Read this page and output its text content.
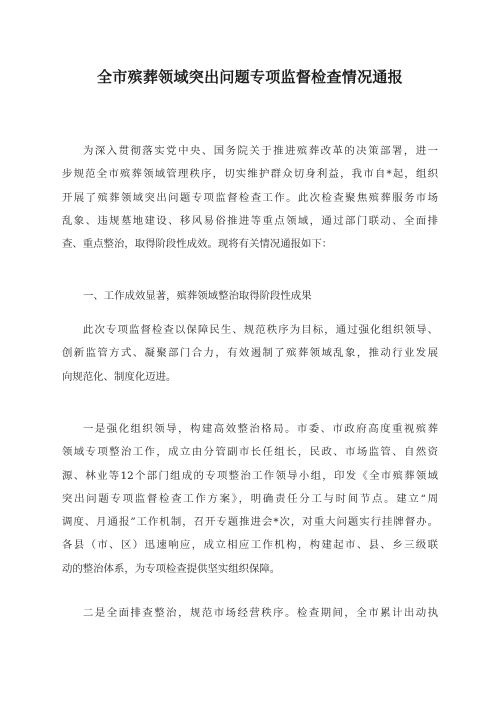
全市殡葬领域突出问题专项监督检查情况通报
为深入贯彻落实党中央、国务院关于推进殡葬改革的决策部署，进一
步规范全市殡葬领域管理秩序，切实维护群众切身利益，我市自*起，组织
开展了殡葬领域突出问题专项监督检查工作。此次检查聚焦殡葬服务市场
乱象、违规墓地建设、移风易俗推进等重点领域，通过部门联动、全面排
查、重点整治，取得阶段性成效。现将有关情况通报如下：
一、工作成效显著，殡葬领域整治取得阶段性成果
此次专项监督检查以保障民生、规范秩序为目标，通过强化组织领导、
创新监管方式、凝聚部门合力，有效遏制了殡葬领域乱象，推动行业发展
向规范化、制度化迈进。
一是强化组织领导，构建高效整治格局。市委、市政府高度重视殡葬
领域专项整治工作，成立由分管副市长任组长，民政、市场监管、自然资
源、林业等12个部门组成的专项整治工作领导小组，印发《全市殡葬领域
突出问题专项监督检查工作方案》，明确责任分工与时间节点。建立“周
调度、月通报”工作机制，召开专题推进会*次，对重大问题实行挂牌督办。
各县（市、区）迅速响应，成立相应工作机构，构建起市、县、乡三级联
动的整治体系，为专项检查提供坚实组织保障。
二是全面排查整治，规范市场经营秩序。检查期间，全市累计出动执
